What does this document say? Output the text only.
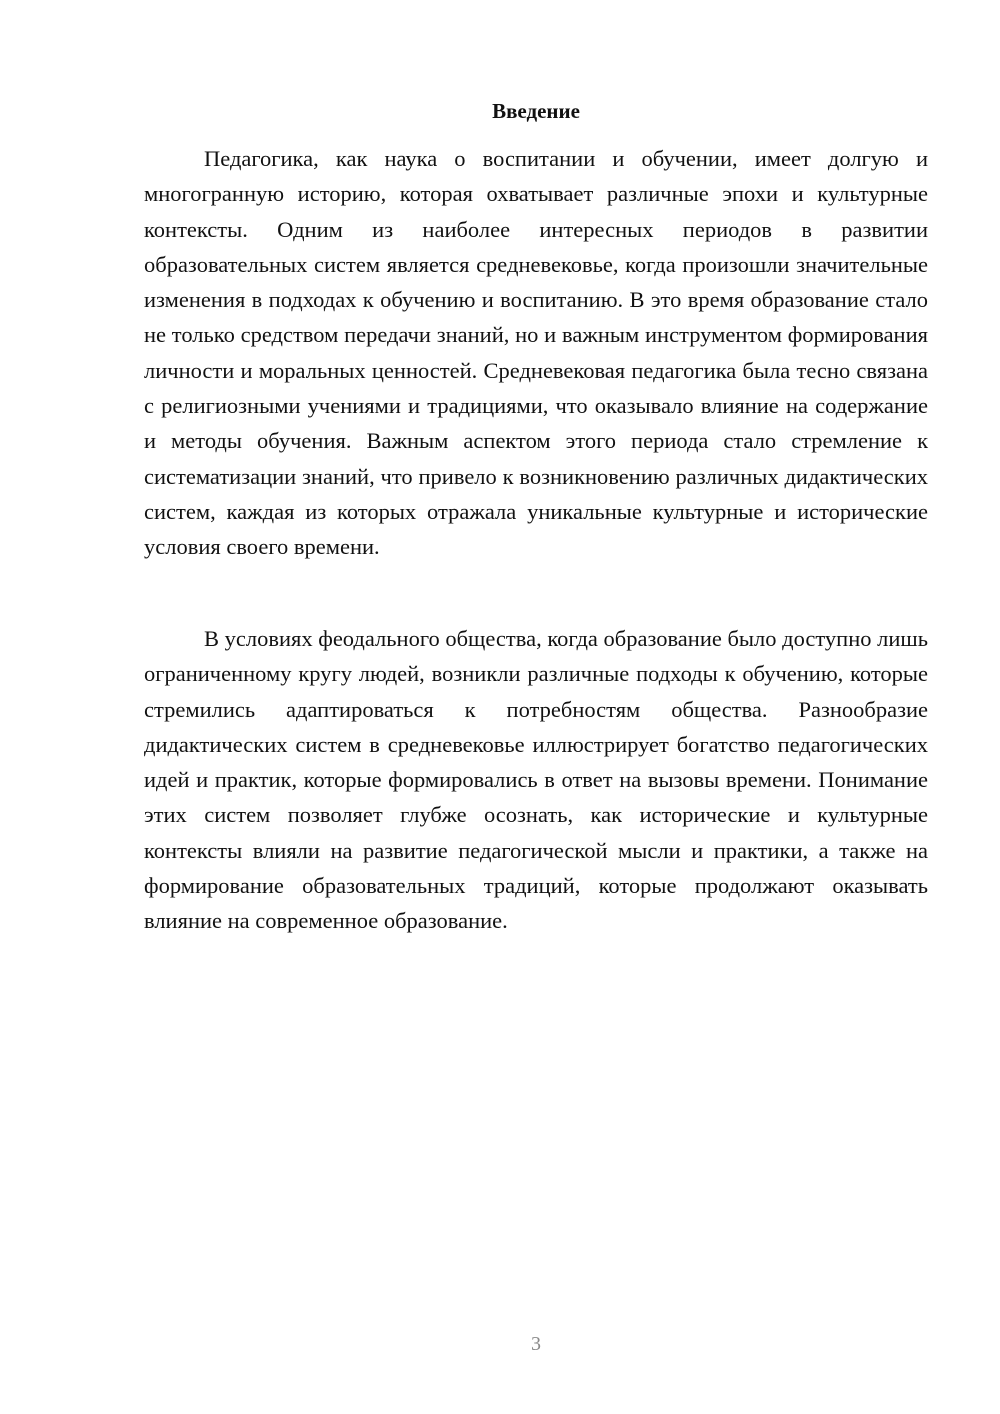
Введение

Педагогика, как наука о воспитании и обучении, имеет долгую и многогранную историю, которая охватывает различные эпохи и культурные контексты. Одним из наиболее интересных периодов в развитии образовательных систем является средневековье, когда произошли значительные изменения в подходах к обучению и воспитанию. В это время образование стало не только средством передачи знаний, но и важным инструментом формирования личности и моральных ценностей. Средневековая педагогика была тесно связана с религиозными учениями и традициями, что оказывало влияние на содержание и методы обучения. Важным аспектом этого периода стало стремление к систематизации знаний, что привело к возникновению различных дидактических систем, каждая из которых отражала уникальные культурные и исторические условия своего времени.

В условиях феодального общества, когда образование было доступно лишь ограниченному кругу людей, возникли различные подходы к обучению, которые стремились адаптироваться к потребностям общества. Разнообразие дидактических систем в средневековье иллюстрирует богатство педагогических идей и практик, которые формировались в ответ на вызовы времени. Понимание этих систем позволяет глубже осознать, как исторические и культурные контексты влияли на развитие педагогической мысли и практики, а также на формирование образовательных традиций, которые продолжают оказывать влияние на современное образование.

3
